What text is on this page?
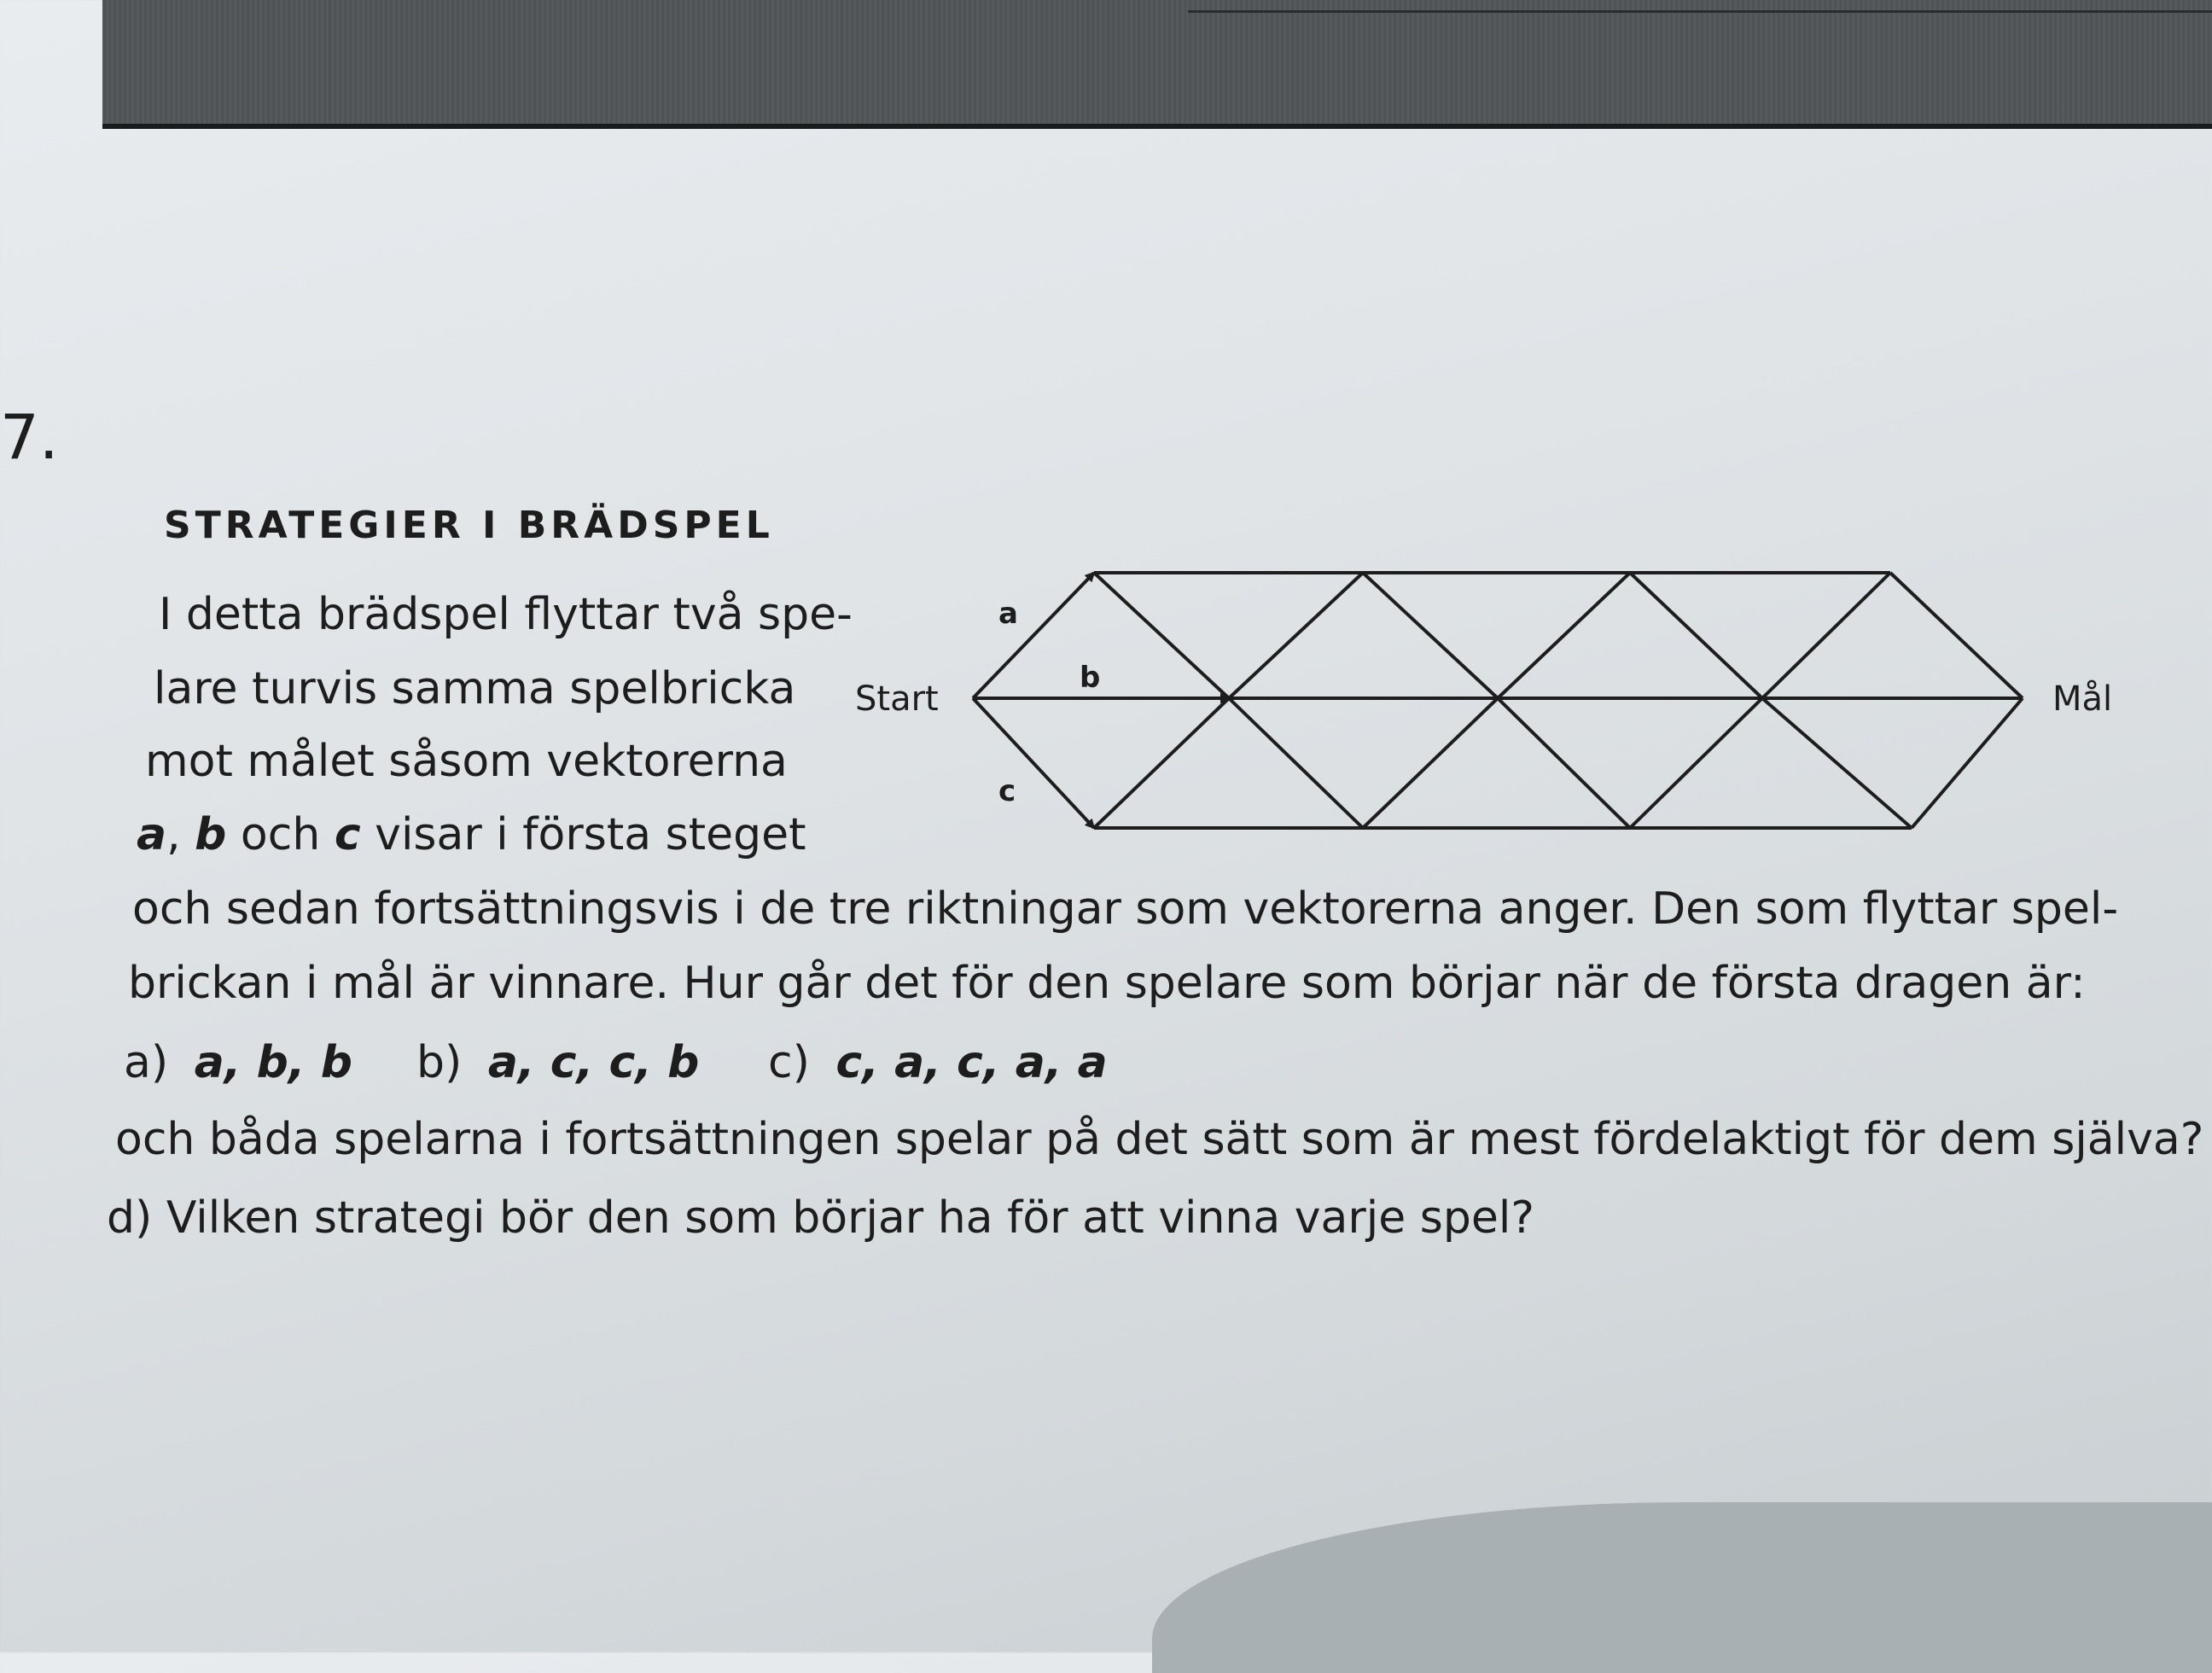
7.
STRATEGIER I BRÄDSPEL
I detta brädspel flyttar två spe-
lare turvis samma spelbricka
mot målet såsom vektorerna
a, b och c visar i första steget
och sedan fortsättningsvis i de tre riktningar som vektorerna anger. Den som flyttar spel-
brickan i mål är vinnare. Hur går det för den spelare som börjar när de första dragen är:
a) a, b, b b) a, c, c, b c) c, a, c, a, a
och båda spelarna i fortsättningen spelar på det sätt som är mest fördelaktigt för dem själva?
d) Vilken strategi bör den som börjar ha för att vinna varje spel?
Start	Mål
a
b
c
